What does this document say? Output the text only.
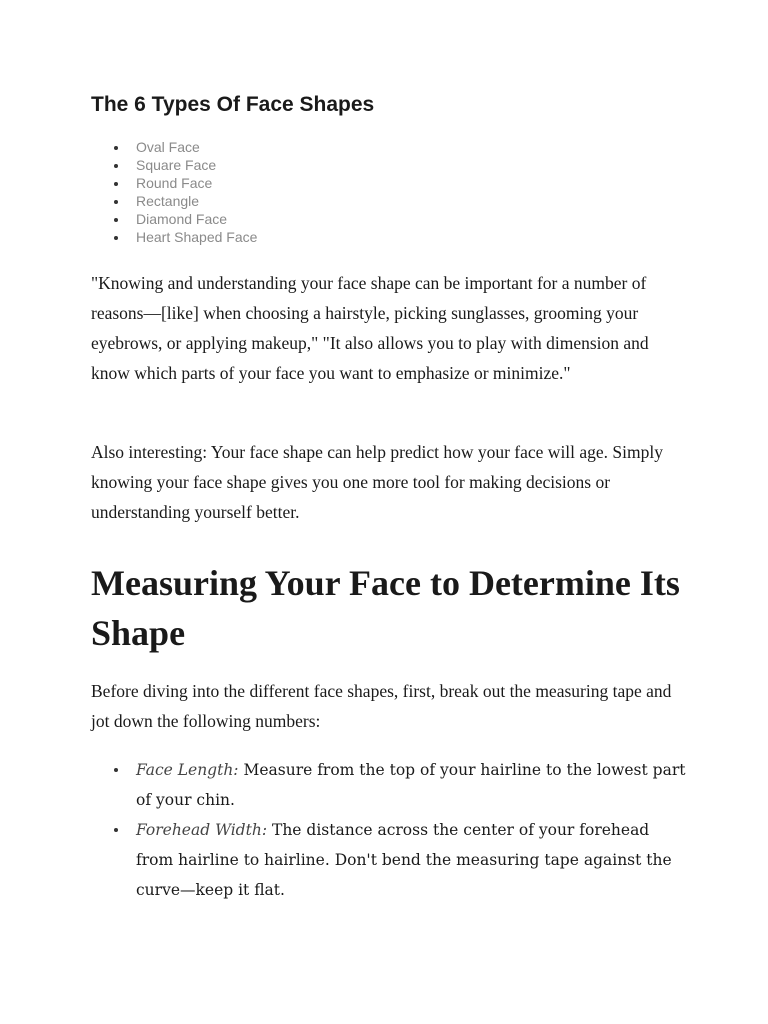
The 6 Types Of Face Shapes
Oval Face
Square Face
Round Face
Rectangle
Diamond Face
Heart Shaped Face

"Knowing and understanding your face shape can be important for a number of reasons—[like] when choosing a hairstyle, picking sunglasses, grooming your eyebrows, or applying makeup," "It also allows you to play with dimension and know which parts of your face you want to emphasize or minimize."

Also interesting: Your face shape can help predict how your face will age. Simply knowing your face shape gives you one more tool for making decisions or understanding yourself better.

Measuring Your Face to Determine Its Shape

Before diving into the different face shapes, first, break out the measuring tape and jot down the following numbers:

Face Length: Measure from the top of your hairline to the lowest part of your chin.
Forehead Width: The distance across the center of your forehead from hairline to hairline. Don't bend the measuring tape against the curve—keep it flat.
